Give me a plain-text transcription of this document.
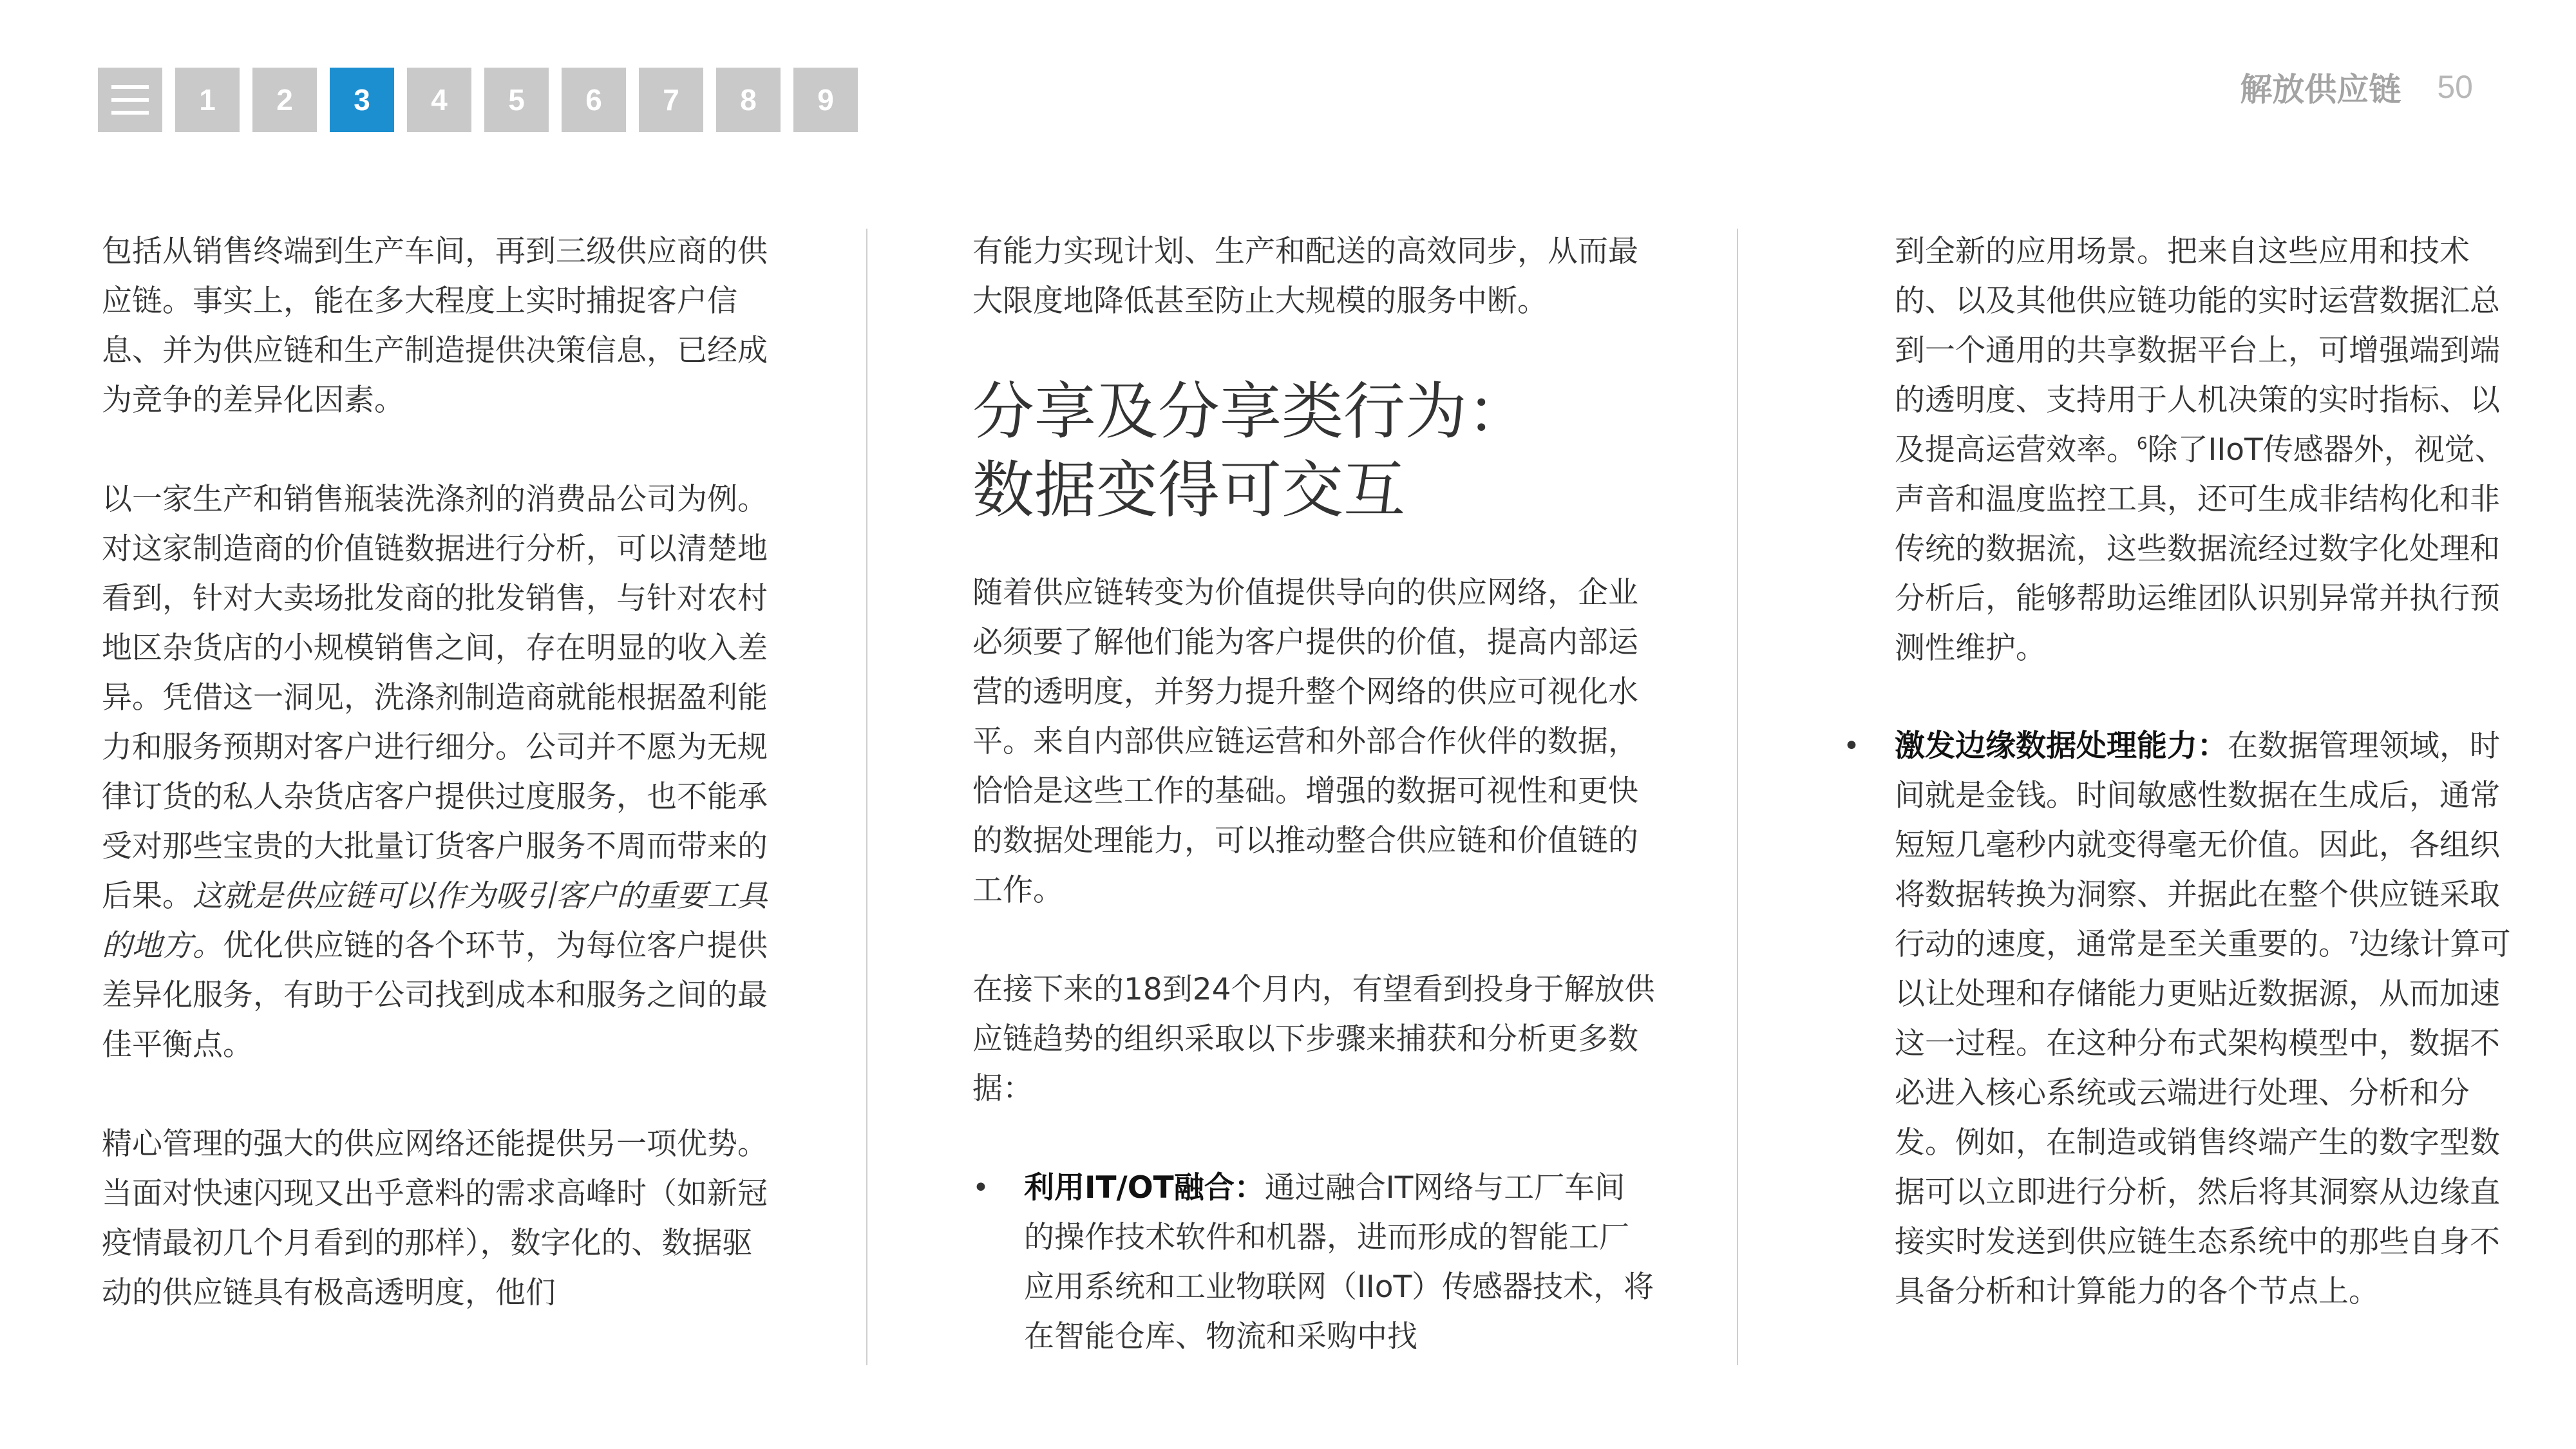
1	2	3	4	5	6	7	8	9	解放供应链 50

包括从销售终端到生产车间，再到三级供应商的供应链。事实上，能在多大程度上实时捕捉客户信息、并为供应链和生产制造提供决策信息，已经成为竞争的差异化因素。

以一家生产和销售瓶装洗涤剂的消费品公司为例。对这家制造商的价值链数据进行分析，可以清楚地看到，针对大卖场批发商的批发销售，与针对农村地区杂货店的小规模销售之间，存在明显的收入差异。凭借这一洞见，洗涤剂制造商就能根据盈利能力和服务预期对客户进行细分。公司并不愿为无规律订货的私人杂货店客户提供过度服务，也不能承受对那些宝贵的大批量订货客户服务不周而带来的后果。这就是供应链可以作为吸引客户的重要工具的地方。优化供应链的各个环节，为每位客户提供差异化服务，有助于公司找到成本和服务之间的最佳平衡点。

精心管理的强大的供应网络还能提供另一项优势。当面对快速闪现又出乎意料的需求高峰时（如新冠疫情最初几个月看到的那样），数字化的、数据驱动的供应链具有极高透明度，他们

有能力实现计划、生产和配送的高效同步，从而最大限度地降低甚至防止大规模的服务中断。

分享及分享类行为：
数据变得可交互

随着供应链转变为价值提供导向的供应网络，企业必须要了解他们能为客户提供的价值，提高内部运营的透明度，并努力提升整个网络的供应可视化水平。来自内部供应链运营和外部合作伙伴的数据，恰恰是这些工作的基础。增强的数据可视性和更快的数据处理能力，可以推动整合供应链和价值链的工作。

在接下来的18到24个月内，有望看到投身于解放供应链趋势的组织采取以下步骤来捕获和分析更多数据：

•	利用IT/OT融合：通过融合IT网络与工厂车间的操作技术软件和机器，进而形成的智能工厂应用系统和工业物联网（IIoT）传感器技术，将在智能仓库、物流和采购中找

到全新的应用场景。把来自这些应用和技术的、以及其他供应链功能的实时运营数据汇总到一个通用的共享数据平台上，可增强端到端的透明度、支持用于人机决策的实时指标、以及提高运营效率。$^6$除了IIoT传感器外，视觉、声音和温度监控工具，还可生成非结构化和非传统的数据流，这些数据流经过数字化处理和分析后，能够帮助运维团队识别异常并执行预测性维护。

•	激发边缘数据处理能力：在数据管理领域，时间就是金钱。时间敏感性数据在生成后，通常短短几毫秒内就变得毫无价值。因此，各组织将数据转换为洞察、并据此在整个供应链采取行动的速度，通常是至关重要的。$^7$边缘计算可以让处理和存储能力更贴近数据源，从而加速这一过程。在这种分布式架构模型中，数据不必进入核心系统或云端进行处理、分析和分发。例如，在制造或销售终端产生的数字型数据可以立即进行分析，然后将其洞察从边缘直接实时发送到供应链生态系统中的那些自身不具备分析和计算能力的各个节点上。
